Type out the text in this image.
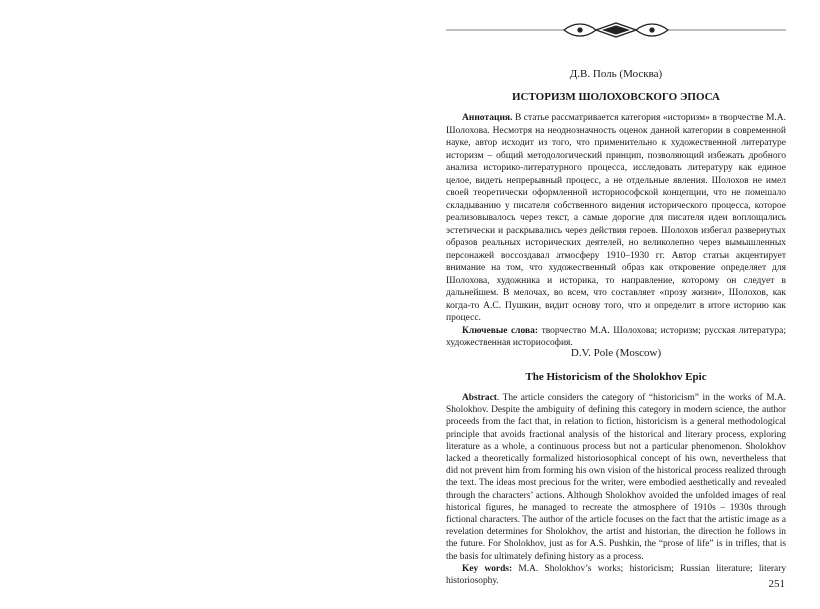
Д.В. Поль (Москва)
ИСТОРИЗМ ШОЛОХОВСКОГО ЭПОСА

Аннотация. В статье рассматривается категория «историзм» в творчестве М.А. Шолохова. Несмотря на неоднозначность оценок данной категории в современной науке, автор исходит из того, что применительно к художественной литературе историзм – общий методологический принцип, позволяющий избежать дробного анализа историко-литературного процесса, исследовать литературу как единое целое, видеть непрерывный процесс, а не отдельные явления. Шолохов не имел своей теоретически оформленной историософской концепции, что не помешало складыванию у писателя собственного видения исторического процесса, которое реализовывалось через текст, а самые дорогие для писателя идеи воплощались эстетически и раскрывались через действия героев. Шолохов избегал развернутых образов реальных исторических деятелей, но великолепно через вымышленных персонажей воссоздавал атмосферу 1910–1930 гг. Автор статьи акцентирует внимание на том, что художественный образ как откровение определяет для Шолохова, художника и историка, то направление, которому он следует в дальнейшем. В мелочах, во всем, что составляет «прозу жизни», Шолохов, как когда-то А.С. Пушкин, видит основу того, что и определит в итоге историю как процесс.

Ключевые слова: творчество М.А. Шолохова; историзм; русская литература; художественная историософия.

D.V. Pole (Moscow)
The Historicism of the Sholokhov Epic

Abstract. The article considers the category of “historicism” in the works of M.A. Sholokhov. Despite the ambiguity of defining this category in modern science, the author proceeds from the fact that, in relation to fiction, historicism is a general methodological principle that avoids fractional analysis of the historical and literary process, exploring literature as a whole, a continuous process but not a particular phenomenon. Sholokhov lacked a theoretically formalized historiosophical concept of his own, nevertheless that did not prevent him from forming his own vision of the historical process realized through the text. The ideas most precious for the writer, were embodied aesthetically and revealed through the characters’ actions. Although Sholokhov avoided the unfolded images of real historical figures, he managed to recreate the atmosphere of 1910s – 1930s through fictional characters. The author of the article focuses on the fact that the artistic image as a revelation determines for Sholokhov, the artist and historian, the direction he follows in the future. For Sholokhov, just as for A.S. Pushkin, the “prose of life” is in trifles, that is the basis for ultimately defining history as a process.

Key words: M.A. Sholokhov’s works; historicism; Russian literature; literary historiosophy.	251
